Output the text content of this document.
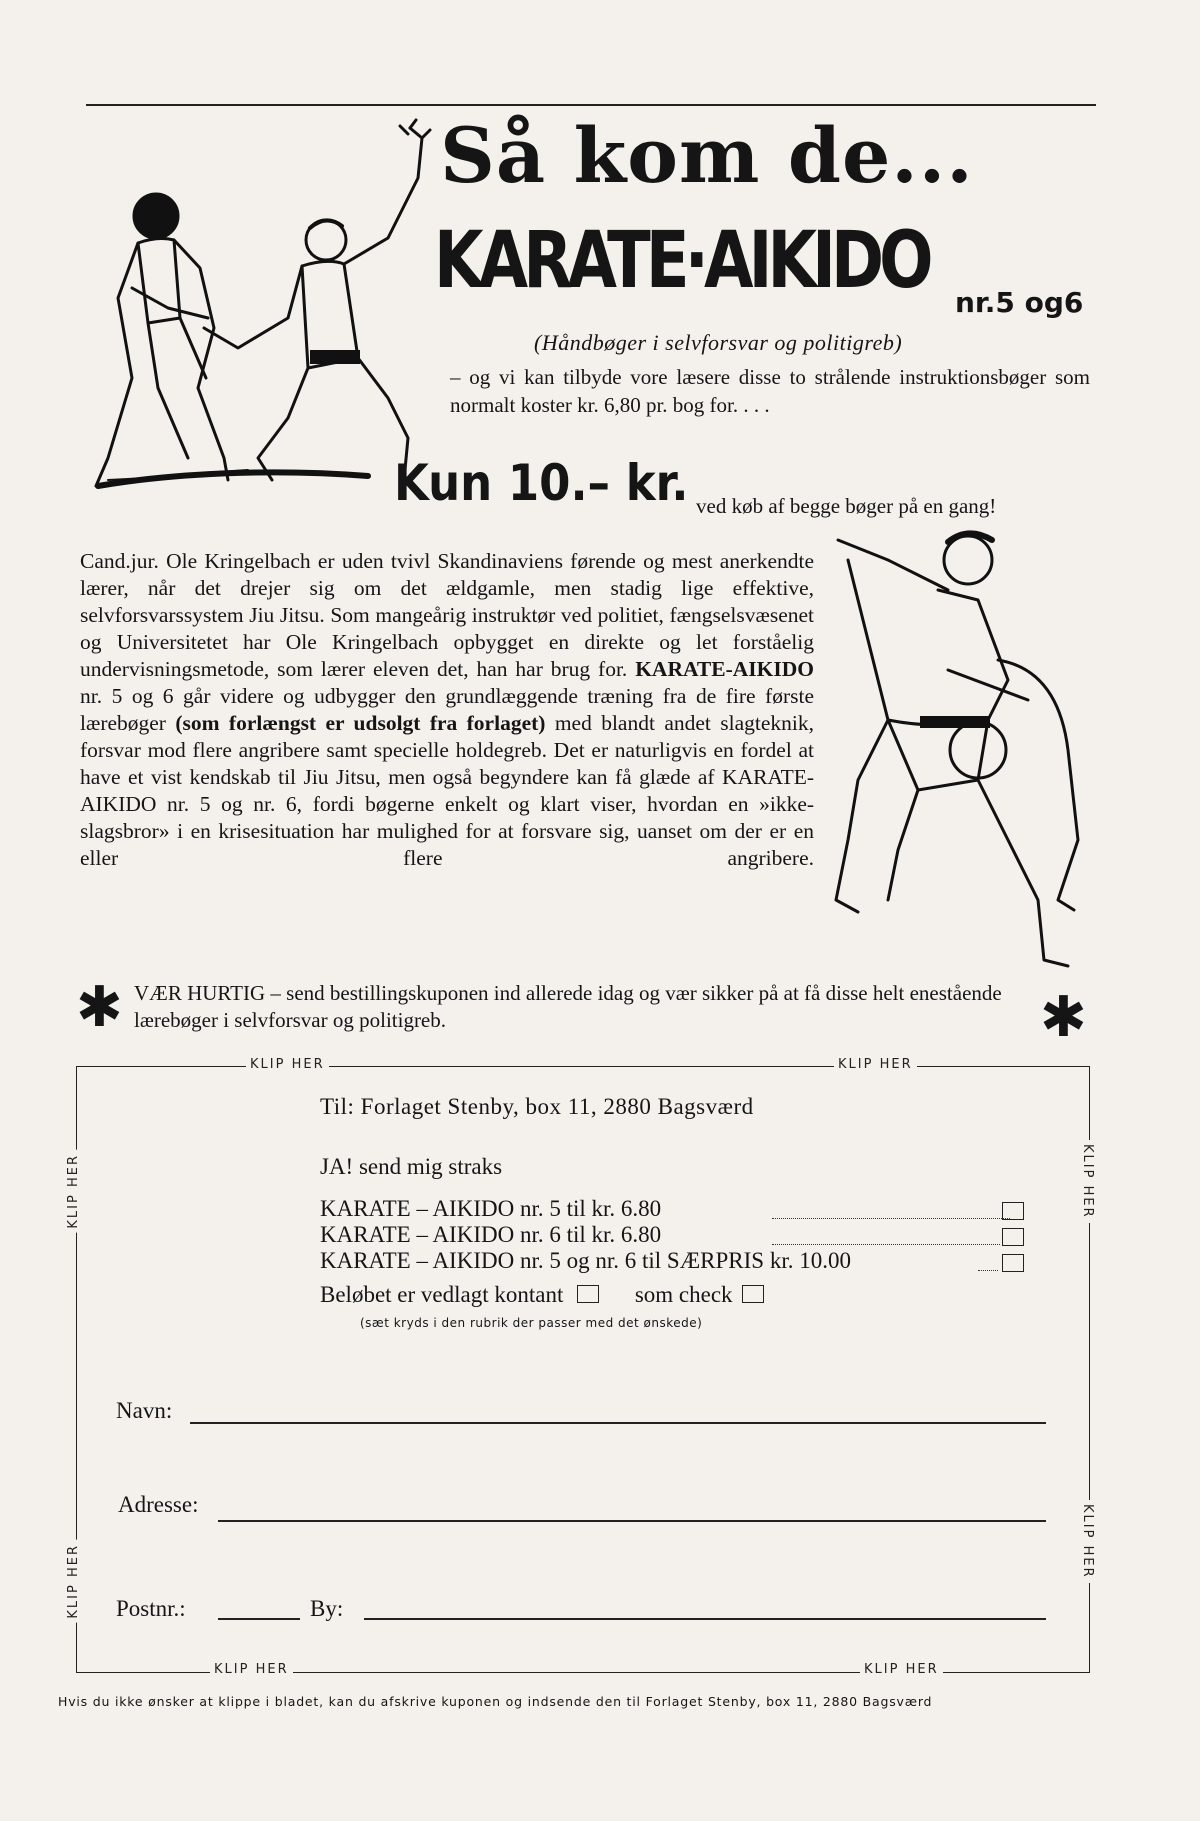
Så kom de...
KARATE·AIKIDO nr.5 og6
(Håndbøger i selvforsvar og politigreb)
– og vi kan tilbyde vore læsere disse to strålende instruktionsbøger som normalt koster kr. 6,80 pr. bog for. . . .
Kun 10.– kr. ved køb af begge bøger på en gang!
Cand.jur. Ole Kringelbach er uden tvivl Skandinaviens førende og mest anerkendte lærer, når det drejer sig om det ældgamle, men stadig lige effektive, selvforsvarssystem Jiu Jitsu. Som mangeårig instruktør ved politiet, fængselsvæsenet og Universitetet har Ole Kringelbach opbygget en direkte og let forståelig undervisningsmetode, som lærer eleven det, han har brug for. KARATE-AIKIDO nr. 5 og 6 går videre og udbygger den grundlæggende træning fra de fire første lærebøger (som forlængst er udsolgt fra forlaget) med blandt andet slagteknik, forsvar mod flere angribere samt specielle holdegreb. Det er naturligvis en fordel at have et vist kendskab til Jiu Jitsu, men også begyndere kan få glæde af KARATE-AIKIDO nr. 5 og nr. 6, fordi bøgerne enkelt og klart viser, hvordan en »ikke-slagsbror» i en krisesituation har mulighed for at forsvare sig, uanset om der er en eller flere angribere.
✱ VÆR HURTIG – send bestillingskuponen ind allerede idag og vær sikker på at få disse helt enestående lærebøger i selvforsvar og politigreb.	✱
KLIP HER	KLIP HER
KLIP HER	KLIP HER
KLIP HER
KLIP HER
KLIP HER
KLIP HER
Til: Forlaget Stenby, box 11, 2880 Bagsværd
JA! send mig straks
KARATE – AIKIDO nr. 5 til kr. 6.80
KARATE – AIKIDO nr. 6 til kr. 6.80
KARATE – AIKIDO nr. 5 og nr. 6 til SÆRPRIS kr. 10.00
Beløbet er vedlagt kontant	som check
(sæt kryds i den rubrik der passer med det ønskede)
Navn:
Adresse:
Postnr.:	By:
Hvis du ikke ønsker at klippe i bladet, kan du afskrive kuponen og indsende den til Forlaget Stenby, box 11, 2880 Bagsværd
